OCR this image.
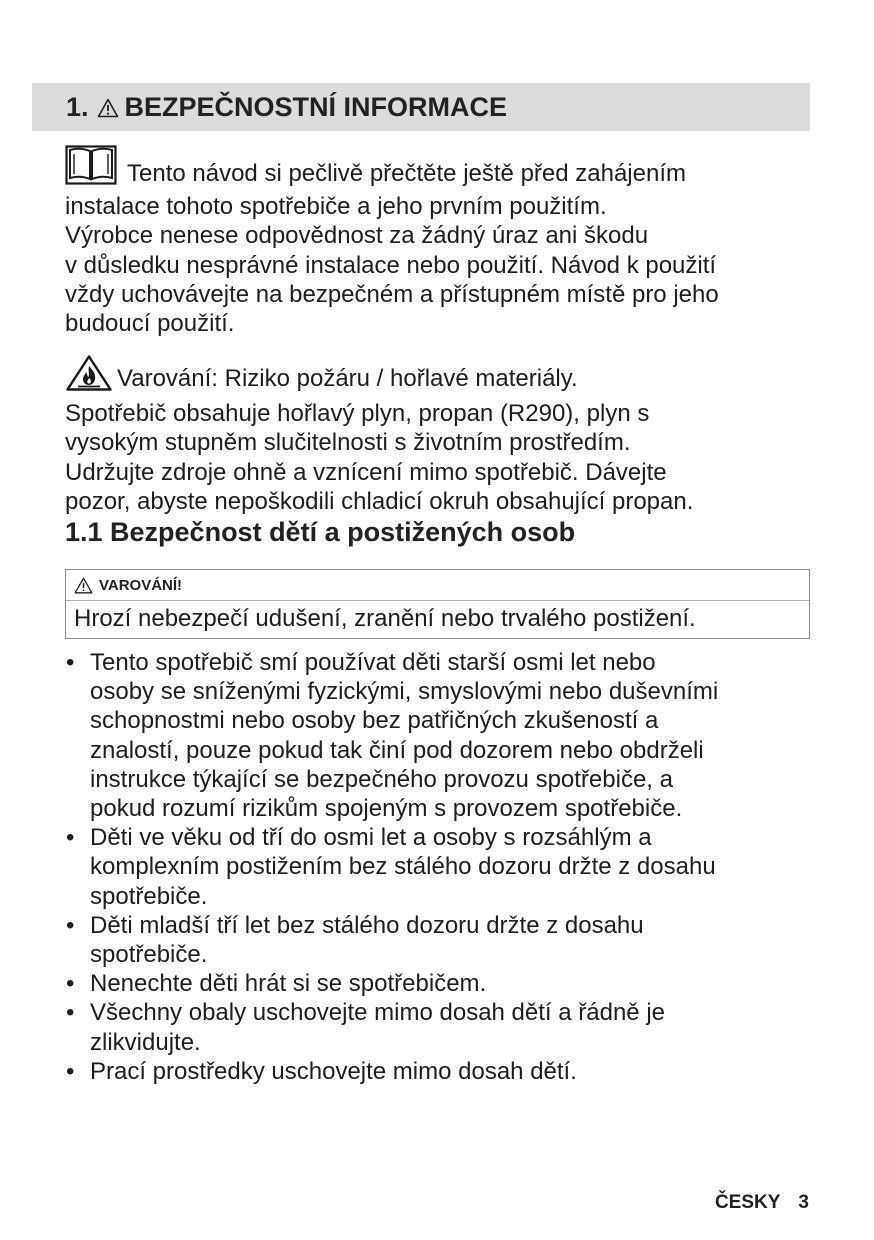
1. BEZPEČNOSTNÍ INFORMACE
Tento návod si pečlivě přečtěte ještě před zahájením
instalace tohoto spotřebiče a jeho prvním použitím.
Výrobce nenese odpovědnost za žádný úraz ani škodu
v důsledku nesprávné instalace nebo použití. Návod k použití
vždy uchovávejte na bezpečném a přístupném místě pro jeho
budoucí použití.
Varování: Riziko požáru / hořlavé materiály.
Spotřebič obsahuje hořlavý plyn, propan (R290), plyn s
vysokým stupněm slučitelnosti s životním prostředím.
Udržujte zdroje ohně a vznícení mimo spotřebič. Dávejte
pozor, abyste nepoškodili chladicí okruh obsahující propan.
1.1 Bezpečnost dětí a postižených osob
VAROVÁNÍ!
Hrozí nebezpečí udušení, zranění nebo trvalého postižení.
• Tento spotřebič smí používat děti starší osmi let nebo
osoby se sníženými fyzickými, smyslovými nebo duševními
schopnostmi nebo osoby bez patřičných zkušeností a
znalostí, pouze pokud tak činí pod dozorem nebo obdrželi
instrukce týkající se bezpečného provozu spotřebiče, a
pokud rozumí rizikům spojeným s provozem spotřebiče.
• Děti ve věku od tří do osmi let a osoby s rozsáhlým a
komplexním postižením bez stálého dozoru držte z dosahu
spotřebiče.
• Děti mladší tří let bez stálého dozoru držte z dosahu
spotřebiče.
• Nenechte děti hrát si se spotřebičem.
• Všechny obaly uschovejte mimo dosah dětí a řádně je
zlikvidujte.
• Prací prostředky uschovejte mimo dosah dětí.
ČESKY 3
